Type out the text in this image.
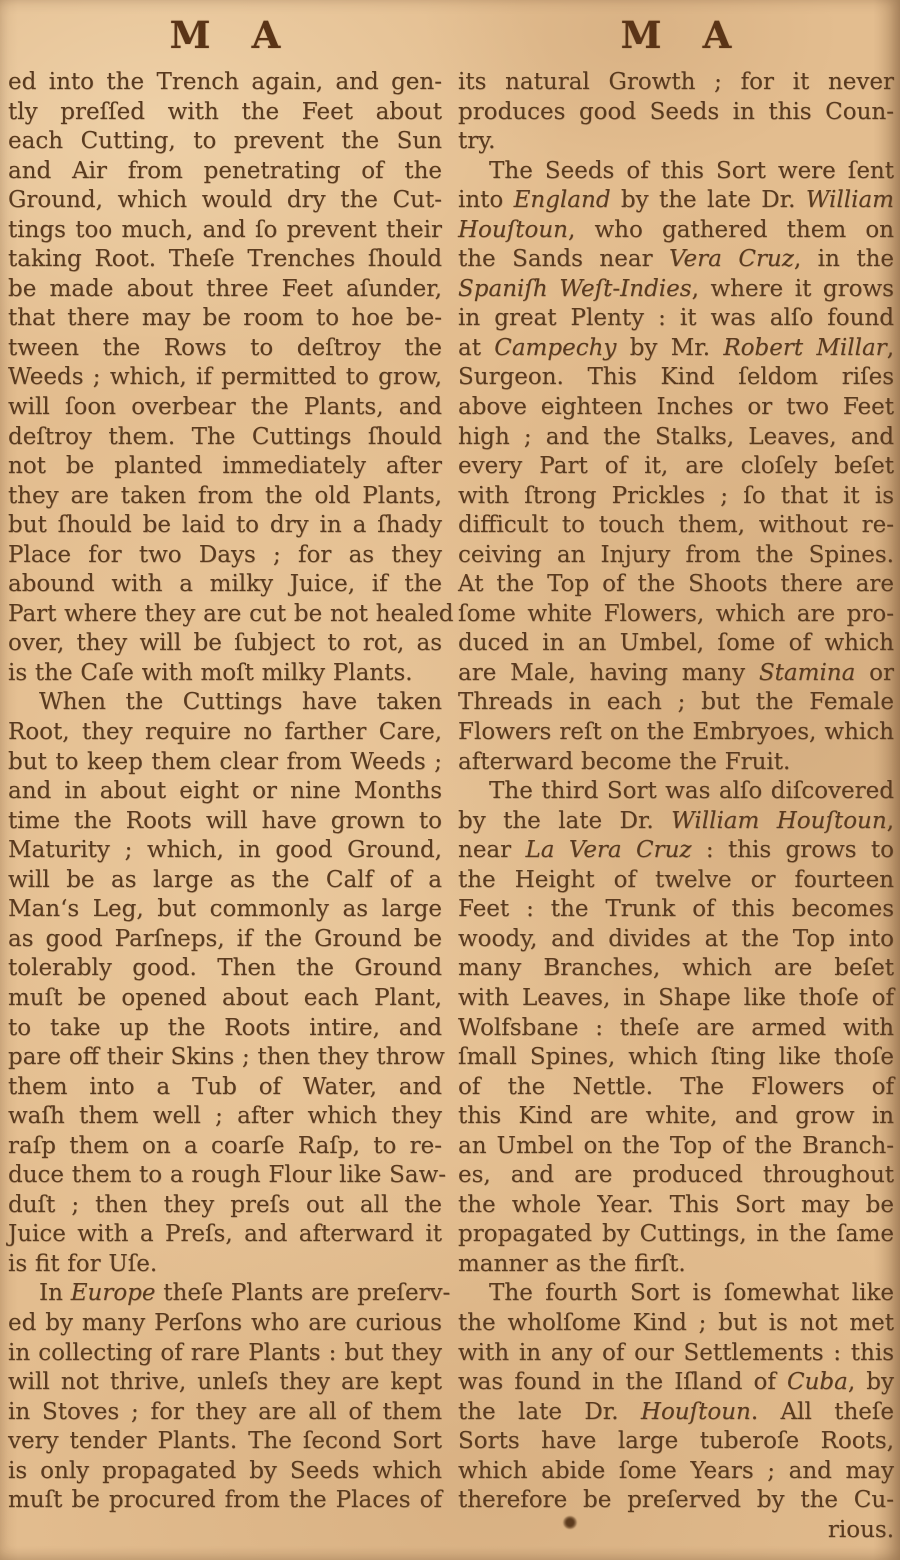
M A
ed into the Trench again, and gen-
tly preſſed with the Feet about
each Cutting, to prevent the Sun
and Air from penetrating of the
Ground, which would dry the Cut-
tings too much, and ſo prevent their
taking Root. Theſe Trenches ſhould
be made about three Feet aſunder,
that there may be room to hoe be-
tween the Rows to deſtroy the
Weeds ; which, if permitted to grow,
will ſoon overbear the Plants, and
deſtroy them. The Cuttings ſhould
not be planted immediately after
they are taken from the old Plants,
but ſhould be laid to dry in a ſhady
Place for two Days ; for as they
abound with a milky Juice, if the
Part where they are cut be not healed
over, they will be ſubject to rot, as
is the Caſe with moſt milky Plants.
When the Cuttings have taken
Root, they require no farther Care,
but to keep them clear from Weeds ;
and in about eight or nine Months
time the Roots will have grown to
Maturity ; which, in good Ground,
will be as large as the Calf of a
Man‘s Leg, but commonly as large
as good Parſneps, if the Ground be
tolerably good. Then the Ground
muſt be opened about each Plant,
to take up the Roots intire, and
pare off their Skins ; then they throw
them into a Tub of Water, and
waſh them well ; after which they
raſp them on a coarſe Raſp, to re-
duce them to a rough Flour like Saw-
duſt ; then they preſs out all the
Juice with a Preſs, and afterward it
is fit for Uſe.
In Europe theſe Plants are preſerv-
ed by many Perſons who are curious
in collecting of rare Plants : but they
will not thrive, unleſs they are kept
in Stoves ; for they are all of them
very tender Plants. The ſecond Sort
is only propagated by Seeds which
muſt be procured from the Places of
M A
its natural Growth ; for it never
produces good Seeds in this Coun-
try.
The Seeds of this Sort were ſent
into England by the late Dr. William
Houſtoun, who gathered them on
the Sands near Vera Cruz, in the
Spaniſh Weſt-Indies, where it grows
in great Plenty : it was alſo found
at Campechy by Mr. Robert Millar,
Surgeon. This Kind ſeldom riſes
above eighteen Inches or two Feet
high ; and the Stalks, Leaves, and
every Part of it, are cloſely beſet
with ſtrong Prickles ; ſo that it is
difficult to touch them, without re-
ceiving an Injury from the Spines.
At the Top of the Shoots there are
ſome white Flowers, which are pro-
duced in an Umbel, ſome of which
are Male, having many Stamina or
Threads in each ; but the Female
Flowers reſt on the Embryoes, which
afterward become the Fruit.
The third Sort was alſo diſcovered
by the late Dr. William Houſtoun,
near La Vera Cruz : this grows to
the Height of twelve or fourteen
Feet : the Trunk of this becomes
woody, and divides at the Top into
many Branches, which are beſet
with Leaves, in Shape like thoſe of
Wolfsbane : theſe are armed with
ſmall Spines, which ſting like thoſe
of the Nettle. The Flowers of
this Kind are white, and grow in
an Umbel on the Top of the Branch-
es, and are produced throughout
the whole Year. This Sort may be
propagated by Cuttings, in the ſame
manner as the firſt.
The fourth Sort is ſomewhat like
the wholſome Kind ; but is not met
with in any of our Settlements : this
was found in the Iſland of Cuba, by
the late Dr. Houſtoun. All theſe
Sorts have large tuberoſe Roots,
which abide ſome Years ; and may
therefore be preſerved by the Cu-
rious.
